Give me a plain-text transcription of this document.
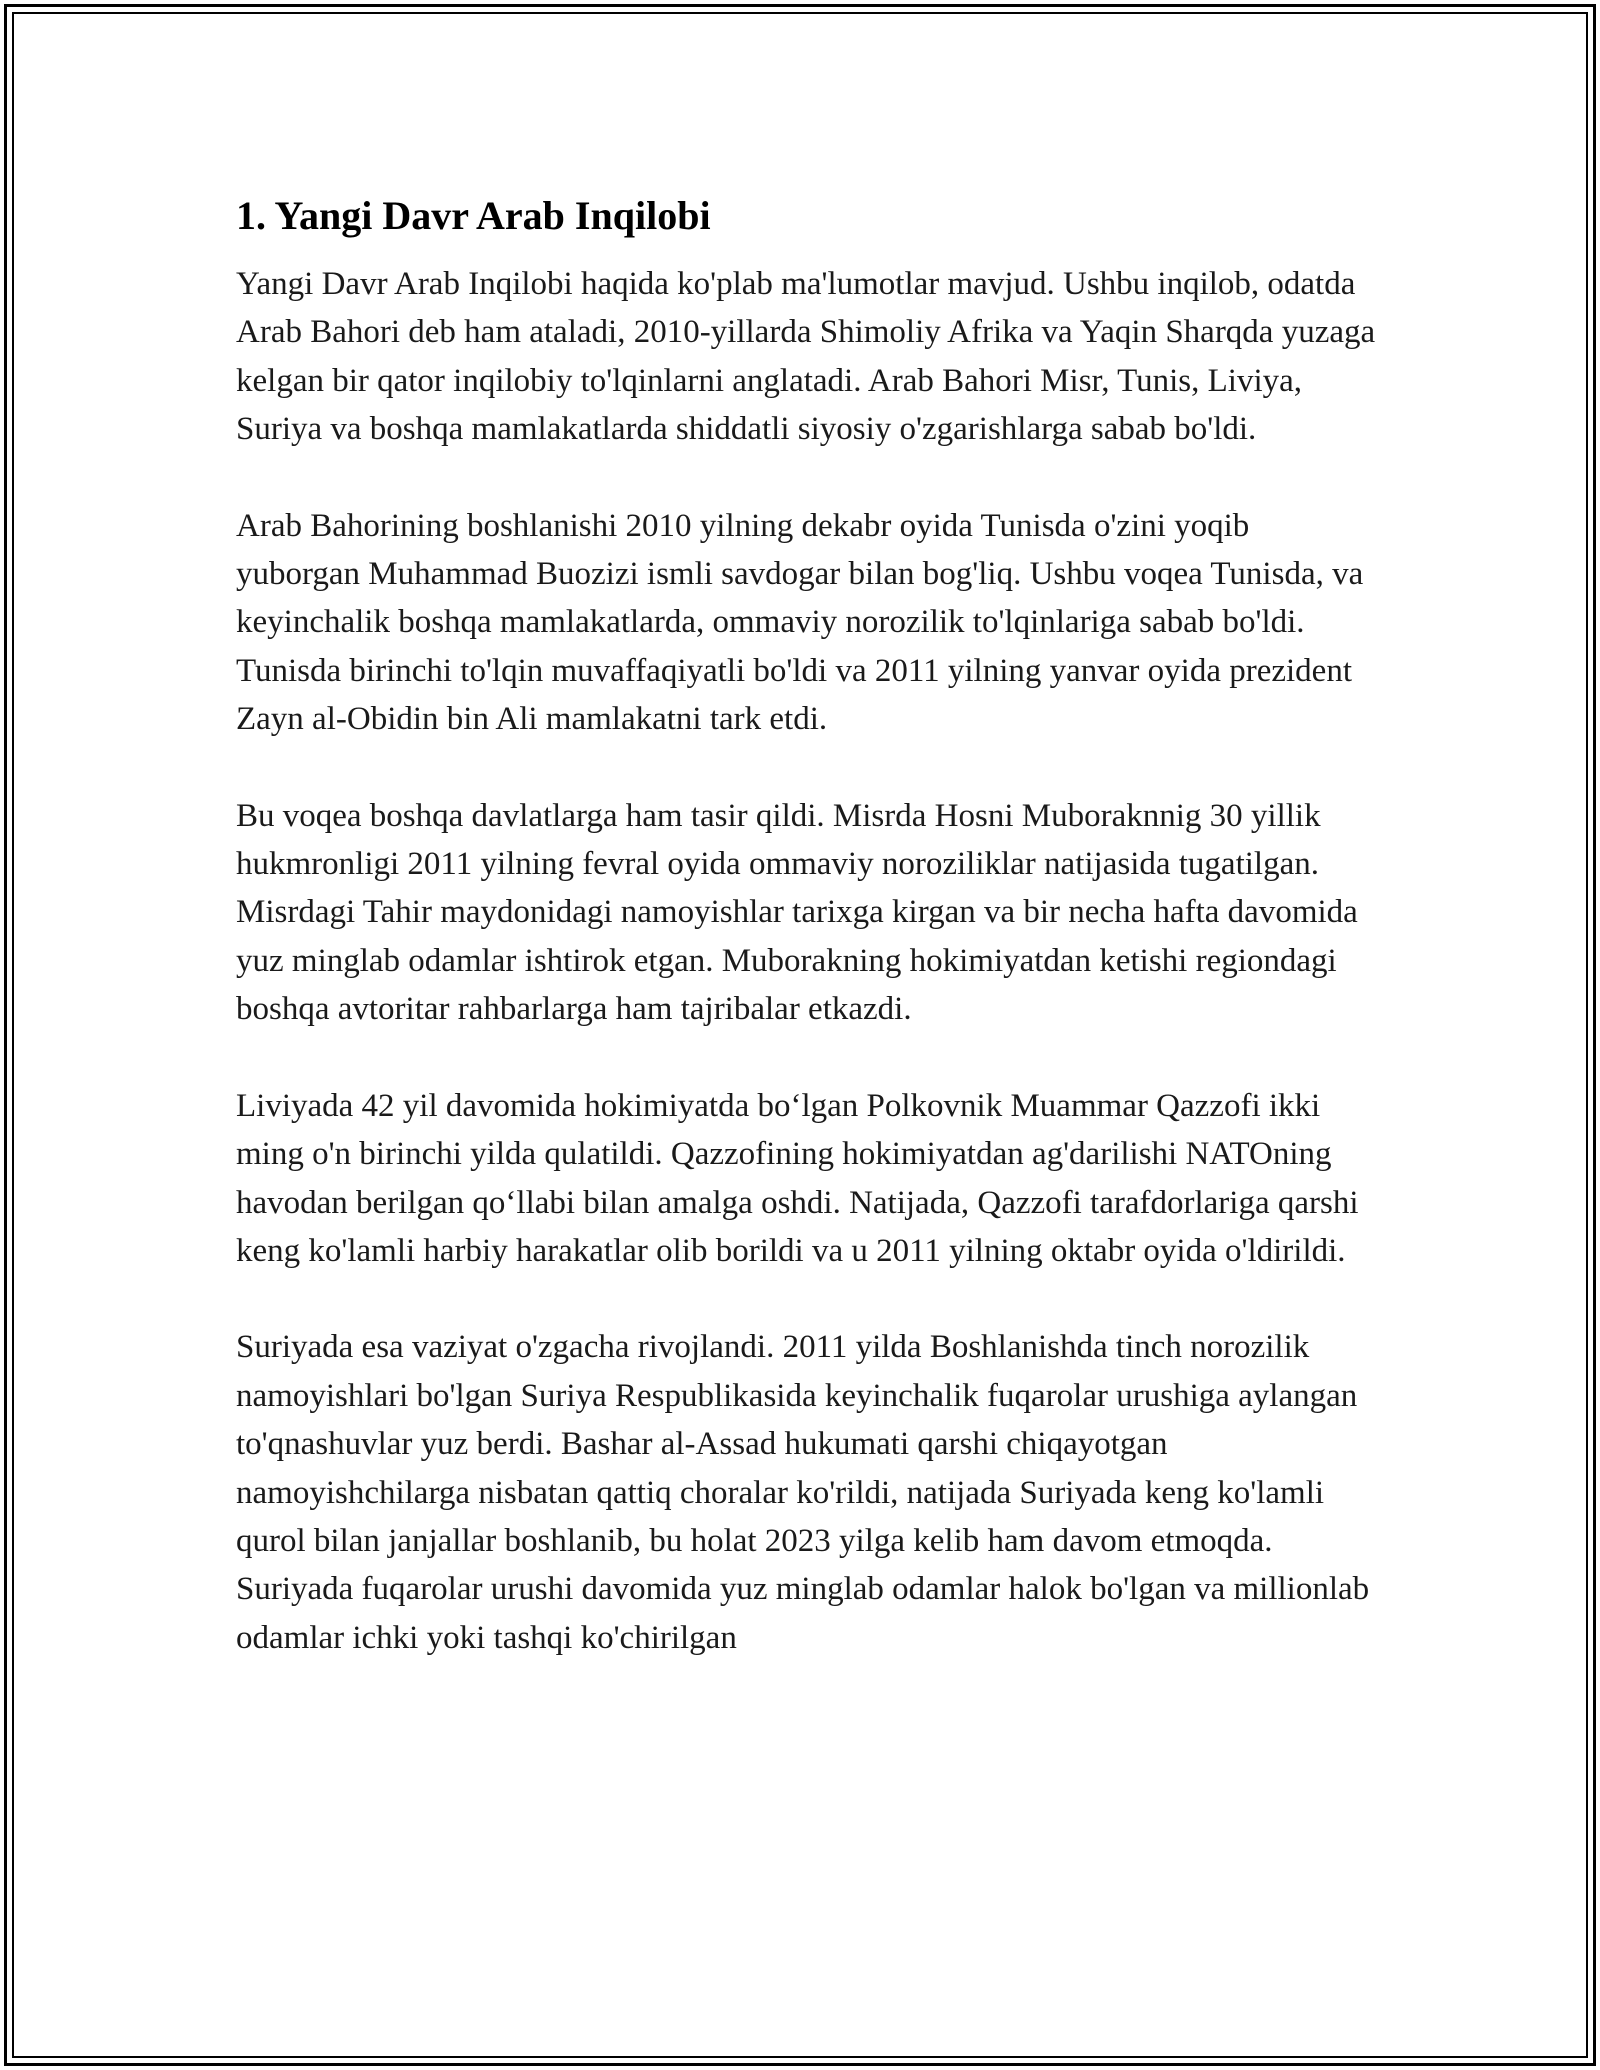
1. Yangi Davr Arab Inqilobi

Yangi Davr Arab Inqilobi haqida ko'plab ma'lumotlar mavjud. Ushbu inqilob, odatda Arab Bahori deb ham ataladi, 2010-yillarda Shimoliy Afrika va Yaqin Sharqda yuzaga kelgan bir qator inqilobiy to'lqinlarni anglatadi. Arab Bahori Misr, Tunis, Liviya, Suriya va boshqa mamlakatlarda shiddatli siyosiy o'zgarishlarga sabab bo'ldi.

Arab Bahorining boshlanishi 2010 yilning dekabr oyida Tunisda o'zini yoqib yuborgan Muhammad Buozizi ismli savdogar bilan bog'liq. Ushbu voqea Tunisda, va keyinchalik boshqa mamlakatlarda, ommaviy norozilik to'lqinlariga sabab bo'ldi. Tunisda birinchi to'lqin muvaffaqiyatli bo'ldi va 2011 yilning yanvar oyida prezident Zayn al-Obidin bin Ali mamlakatni tark etdi.

Bu voqea boshqa davlatlarga ham tasir qildi. Misrda Hosni Muboraknnig 30 yillik hukmronligi 2011 yilning fevral oyida ommaviy noroziliklar natijasida tugatilgan. Misrdagi Tahir maydonidagi namoyishlar tarixga kirgan va bir necha hafta davomida yuz minglab odamlar ishtirok etgan. Muborakning hokimiyatdan ketishi regiondagi boshqa avtoritar rahbarlarga ham tajribalar etkazdi.

Liviyada 42 yil davomida hokimiyatda bo‘lgan Polkovnik Muammar Qazzofi ikki ming o'n birinchi yilda qulatildi. Qazzofining hokimiyatdan ag'darilishi NATOning havodan berilgan qo‘llabi bilan amalga oshdi. Natijada, Qazzofi tarafdorlariga qarshi keng ko'lamli harbiy harakatlar olib borildi va u 2011 yilning oktabr oyida o'ldirildi.

Suriyada esa vaziyat o'zgacha rivojlandi. 2011 yilda Boshlanishda tinch norozilik namoyishlari bo'lgan Suriya Respublikasida keyinchalik fuqarolar urushiga aylangan to'qnashuvlar yuz berdi. Bashar al-Assad hukumati qarshi chiqayotgan namoyishchilarga nisbatan qattiq choralar ko'rildi, natijada Suriyada keng ko'lamli qurol bilan janjallar boshlanib, bu holat 2023 yilga kelib ham davom etmoqda. Suriyada fuqarolar urushi davomida yuz minglab odamlar halok bo'lgan va millionlab odamlar ichki yoki tashqi ko'chirilgan
